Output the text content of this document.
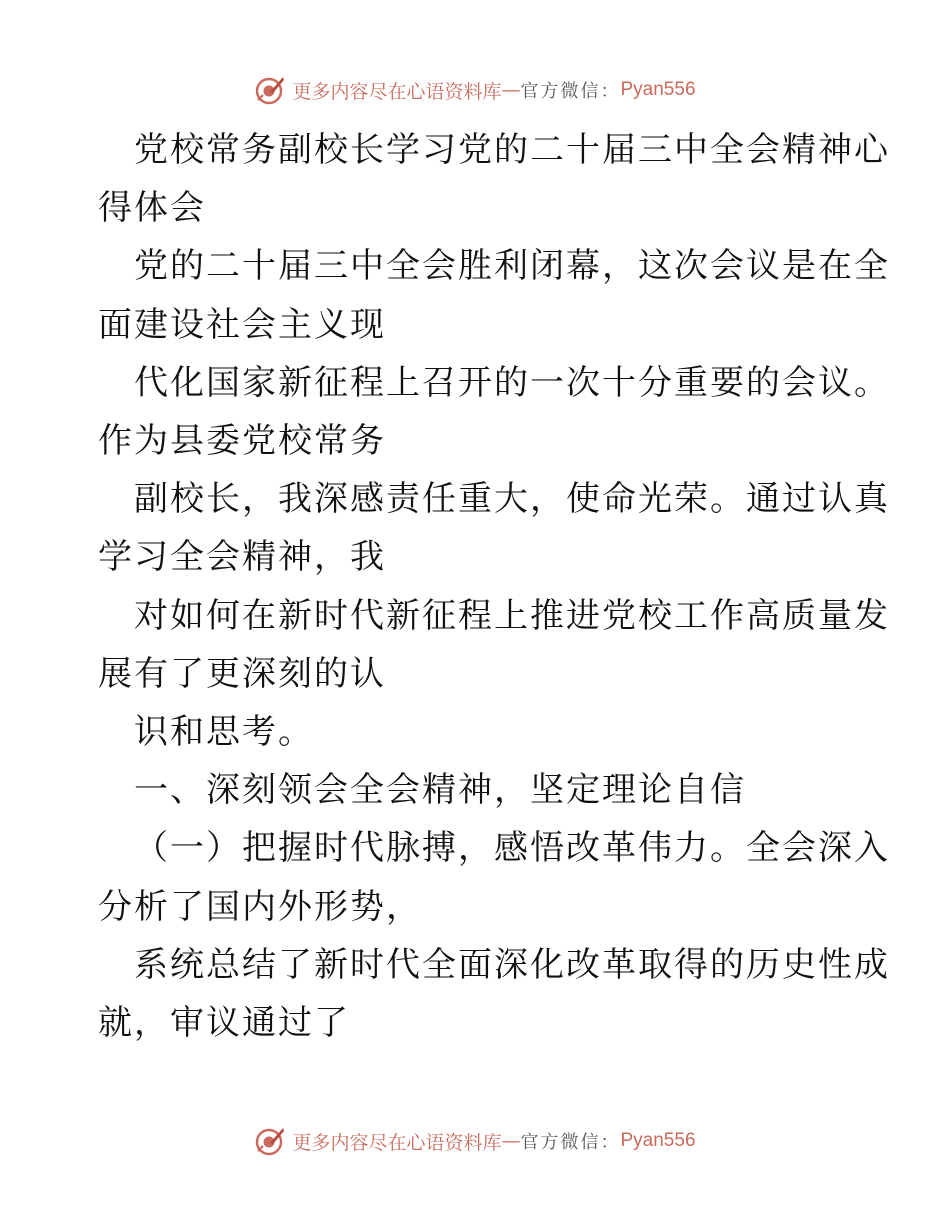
更多内容尽在心语资料库 — 官方微信： Pyan556

党校常务副校长学习党的二十届三中全会精神心

得体会

党的二十届三中全会胜利闭幕，这次会议是在全

面建设社会主义现

代化国家新征程上召开的一次十分重要的会议。

作为县委党校常务

副校长，我深感责任重大，使命光荣。通过认真

学习全会精神，我

对如何在新时代新征程上推进党校工作高质量发

展有了更深刻的认

识和思考。

一、深刻领会全会精神，坚定理论自信

（一）把握时代脉搏，感悟改革伟力。全会深入

分析了国内外形势，

系统总结了新时代全面深化改革取得的历史性成

就，审议通过了

更多内容尽在心语资料库 — 官方微信： Pyan556
